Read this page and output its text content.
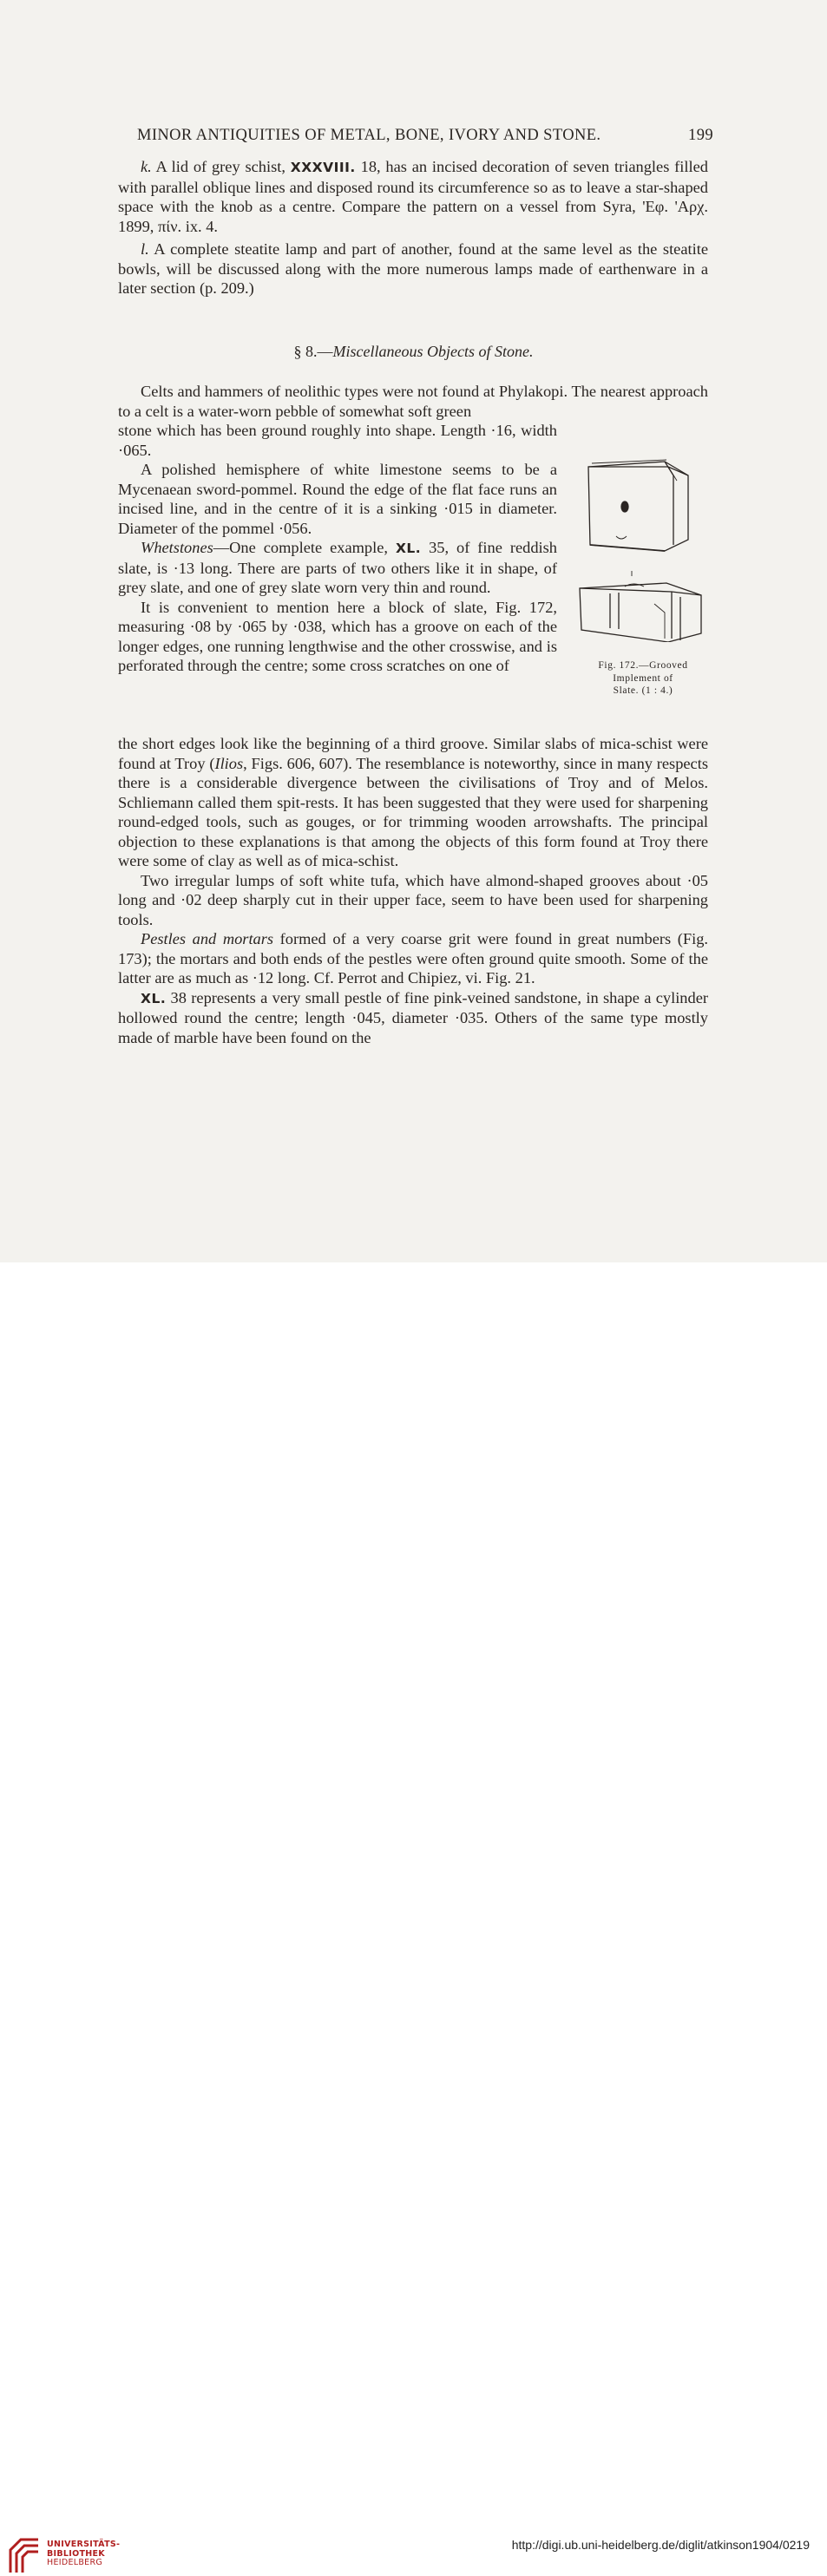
MINOR ANTIQUITIES OF METAL, BONE, IVORY AND STONE.	199

k. A lid of grey schist, XXXVIII. 18, has an incised decoration of seven triangles filled with parallel oblique lines and disposed round its circumference so as to leave a star-shaped space with the knob as a centre. Compare the pattern on a vessel from Syra, 'Εφ. 'Αρχ. 1899, πίν. ix. 4.

l. A complete steatite lamp and part of another, found at the same level as the steatite bowls, will be discussed along with the more numerous lamps made of earthenware in a later section (p. 209.)

§ 8.—Miscellaneous Objects of Stone.

Celts and hammers of neolithic types were not found at Phylakopi. The nearest approach to a celt is a water-worn pebble of somewhat soft green

stone which has been ground roughly into shape. Length ·16, width ·065.

A polished hemisphere of white limestone seems to be a Mycenaean sword-pommel. Round the edge of the flat face runs an incised line, and in the centre of it is a sinking ·015 in diameter. Diameter of the pommel ·056.

Whetstones—One complete example, XL. 35, of fine reddish slate, is ·13 long. There are parts of two others like it in shape, of grey slate, and one of grey slate worn very thin and round.

It is convenient to mention here a block of slate, Fig. 172, measuring ·08 by ·065 by ·038, which has a groove on each of the longer edges, one running lengthwise and the other crosswise, and is perforated through the centre; some cross scratches on one of

the short edges look like the beginning of a third groove. Similar slabs of mica-schist were found at Troy (Ilios, Figs. 606, 607). The resemblance is noteworthy, since in many respects there is a considerable divergence between the civilisations of Troy and of Melos. Schliemann called them spit-rests. It has been suggested that they were used for sharpening round-edged tools, such as gouges, or for trimming wooden arrowshafts. The principal objection to these explanations is that among the objects of this form found at Troy there were some of clay as well as of mica-schist.

Two irregular lumps of soft white tufa, which have almond-shaped grooves about ·05 long and ·02 deep sharply cut in their upper face, seem to have been used for sharpening tools.

Pestles and mortars formed of a very coarse grit were found in great numbers (Fig. 173); the mortars and both ends of the pestles were often ground quite smooth. Some of the latter are as much as ·12 long. Cf. Perrot and Chipiez, vi. Fig. 21.

XL. 38 represents a very small pestle of fine pink-veined sandstone, in shape a cylinder hollowed round the centre; length ·045, diameter ·035. Others of the same type mostly made of marble have been found on the

Fig. 172.—Grooved
Implement of
Slate. (1 : 4.)
UNIVERSITÄTS-
BIBLIOTHEK
HEIDELBERG
http://digi.ub.uni-heidelberg.de/diglit/atkinson1904/0219
